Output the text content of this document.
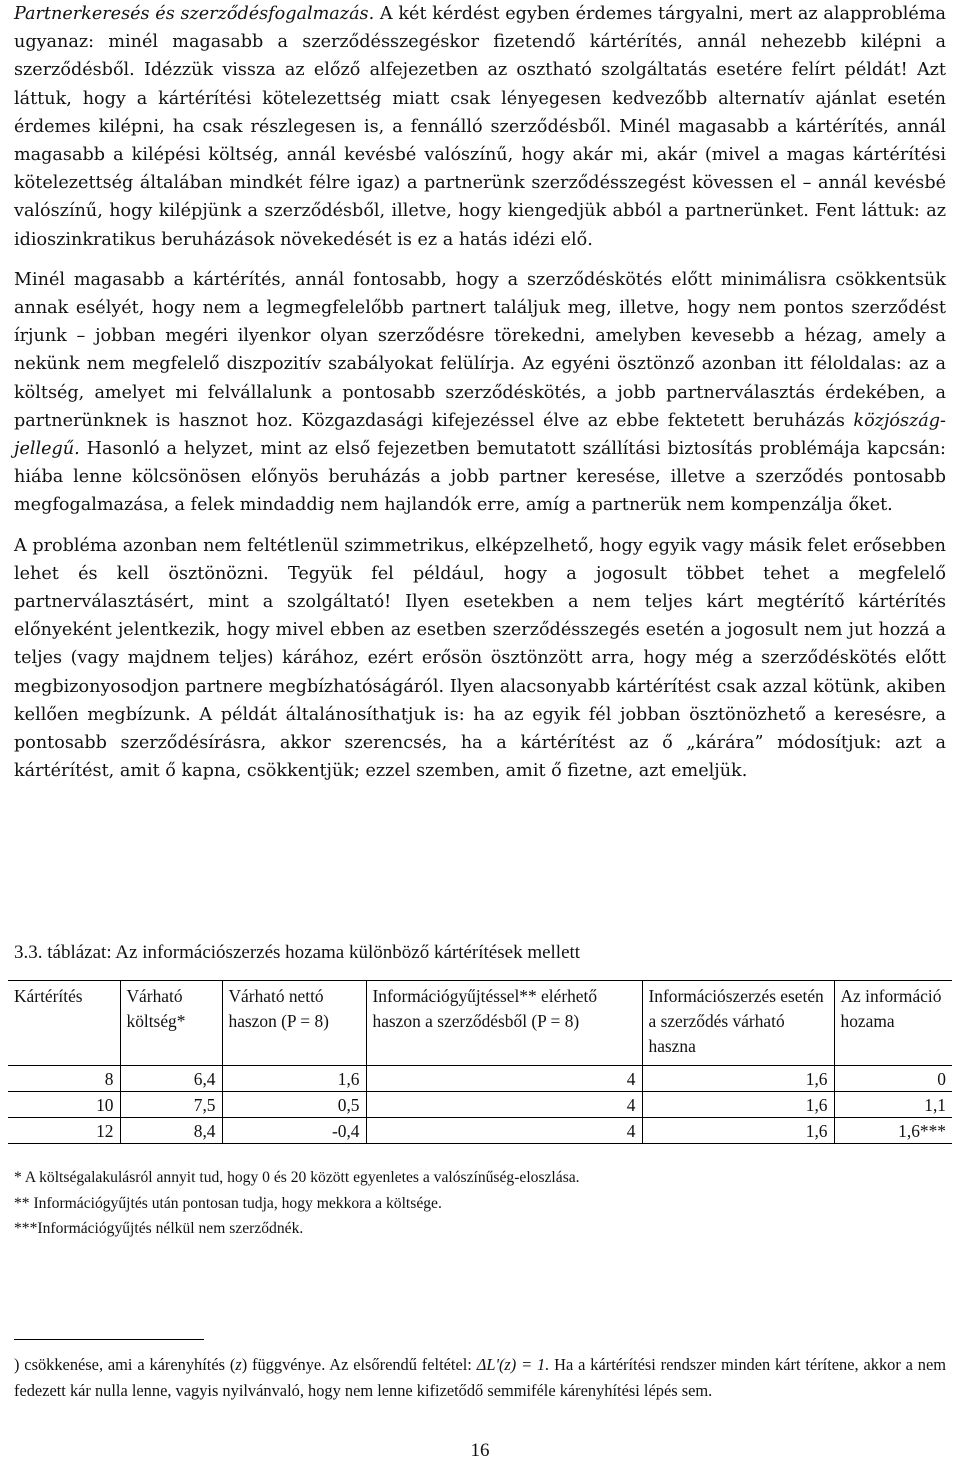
Partnerkeresés és szerződésfogalmazás. A két kérdést egyben érdemes tárgyalni, mert az alapprobléma ugyanaz: minél magasabb a szerződésszegéskor fizetendő kártérítés, annál nehezebb kilépni a szerződésből. Idézzük vissza az előző alfejezetben az osztható szolgáltatás esetére felírt példát! Azt láttuk, hogy a kártérítési kötelezettség miatt csak lényegesen kedvezőbb alternatív ajánlat esetén érdemes kilépni, ha csak részlegesen is, a fennálló szerződésből. Minél magasabb a kártérítés, annál magasabb a kilépési költség, annál kevésbé valószínű, hogy akár mi, akár (mivel a magas kártérítési kötelezettség általában mindkét félre igaz) a partnerünk szerződésszegést kövessen el – annál kevésbé valószínű, hogy kilépjünk a szerződésből, illetve, hogy kiengedjük abból a partnerünket. Fent láttuk: az idioszinkratikus beruházások növekedését is ez a hatás idézi elő.

Minél magasabb a kártérítés, annál fontosabb, hogy a szerződéskötés előtt minimálisra csökkentsük annak esélyét, hogy nem a legmegfelelőbb partnert találjuk meg, illetve, hogy nem pontos szerződést írjunk – jobban megéri ilyenkor olyan szerződésre törekedni, amelyben kevesebb a hézag, amely a nekünk nem megfelelő diszpozitív szabályokat felülírja. Az egyéni ösztönző azonban itt féloldalas: az a költség, amelyet mi felvállalunk a pontosabb szerződéskötés, a jobb partnerválasztás érdekében, a partnerünknek is hasznot hoz. Közgazdasági kifejezéssel élve az ebbe fektetett beruházás közjószág-jellegű. Hasonló a helyzet, mint az első fejezetben bemutatott szállítási biztosítás problémája kapcsán: hiába lenne kölcsönösen előnyös beruházás a jobb partner keresése, illetve a szerződés pontosabb megfogalmazása, a felek mindaddig nem hajlandók erre, amíg a partnerük nem kompenzálja őket.

A probléma azonban nem feltétlenül szimmetrikus, elképzelhető, hogy egyik vagy másik felet erősebben lehet és kell ösztönözni. Tegyük fel például, hogy a jogosult többet tehet a megfelelő partnerválasztásért, mint a szolgáltató! Ilyen esetekben a nem teljes kárt megtérítő kártérítés előnyeként jelentkezik, hogy mivel ebben az esetben szerződésszegés esetén a jogosult nem jut hozzá a teljes (vagy majdnem teljes) kárához, ezért erősön ösztönzött arra, hogy még a szerződéskötés előtt megbizonyosodjon partnere megbízhatóságáról. Ilyen alacsonyabb kártérítést csak azzal kötünk, akiben kellően megbízunk. A példát általánosíthatjuk is: ha az egyik fél jobban ösztönözhető a keresésre, a pontosabb szerződésírásra, akkor szerencsés, ha a kártérítést az ő „kárára” módosítjuk: azt a kártérítést, amit ő kapna, csökkentjük; ezzel szemben, amit ő fizetne, azt emeljük.

3.3. táblázat: Az információszerzés hozama különböző kártérítések mellett

Kártérítés	Várható költség*	Várható nettó haszon (P = 8)	Információgyűjtéssel** elérhető haszon a szerződésből (P = 8)	Információszerzés esetén a szerződés várható haszna	Az információ hozama
8	6,4	1,6	4	1,6	0
10	7,5	0,5	4	1,6	1,1
12	8,4	-0,4	4	1,6	1,6***
* A költségalakulásról annyit tud, hogy 0 és 20 között egyenletes a valószínűség-eloszlása.
** Információgyűjtés után pontosan tudja, hogy mekkora a költsége.
***Információgyűjtés nélkül nem szerződnék.

) csökkenése, ami a kárenyhítés (z) függvénye. Az elsőrendű feltétel: ΔL'(z) = 1. Ha a kártérítési rendszer minden kárt térítene, akkor a nem fedezett kár nulla lenne, vagyis nyilvánvaló, hogy nem lenne kifizetődő semmiféle kárenyhítési lépés sem.

16
